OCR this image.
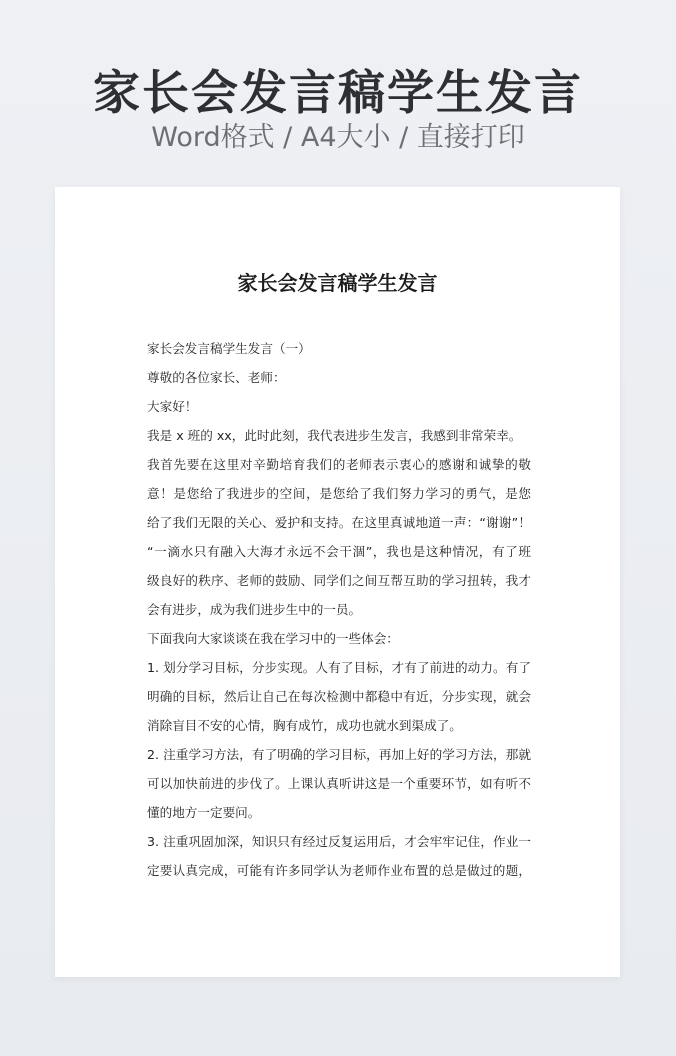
家长会发言稿学生发言
Word格式 / A4大小 / 直接打印
家长会发言稿学生发言
家长会发言稿学生发言（一）
尊敬的各位家长、老师：
大家好！
我是 x 班的 xx，此时此刻，我代表进步生发言，我感到非常荣幸。
我首先要在这里对辛勤培育我们的老师表示衷心的感谢和诚挚的敬
意！是您给了我进步的空间，是您给了我们努力学习的勇气，是您
给了我们无限的关心、爱护和支持。在这里真诚地道一声：“谢谢”！
“一滴水只有融入大海才永远不会干涸”，我也是这种情况，有了班
级良好的秩序、老师的鼓励、同学们之间互帮互助的学习扭转，我才
会有进步，成为我们进步生中的一员。
下面我向大家谈谈在我在学习中的一些体会：
1. 划分学习目标，分步实现。人有了目标，才有了前进的动力。有了
明确的目标，然后让自己在每次检测中都稳中有近，分步实现，就会
消除盲目不安的心情，胸有成竹，成功也就水到渠成了。
2. 注重学习方法，有了明确的学习目标，再加上好的学习方法，那就
可以加快前进的步伐了。上课认真听讲这是一个重要环节，如有听不
懂的地方一定要问。
3. 注重巩固加深，知识只有经过反复运用后，才会牢牢记住，作业一
定要认真完成，可能有许多同学认为老师作业布置的总是做过的题，
